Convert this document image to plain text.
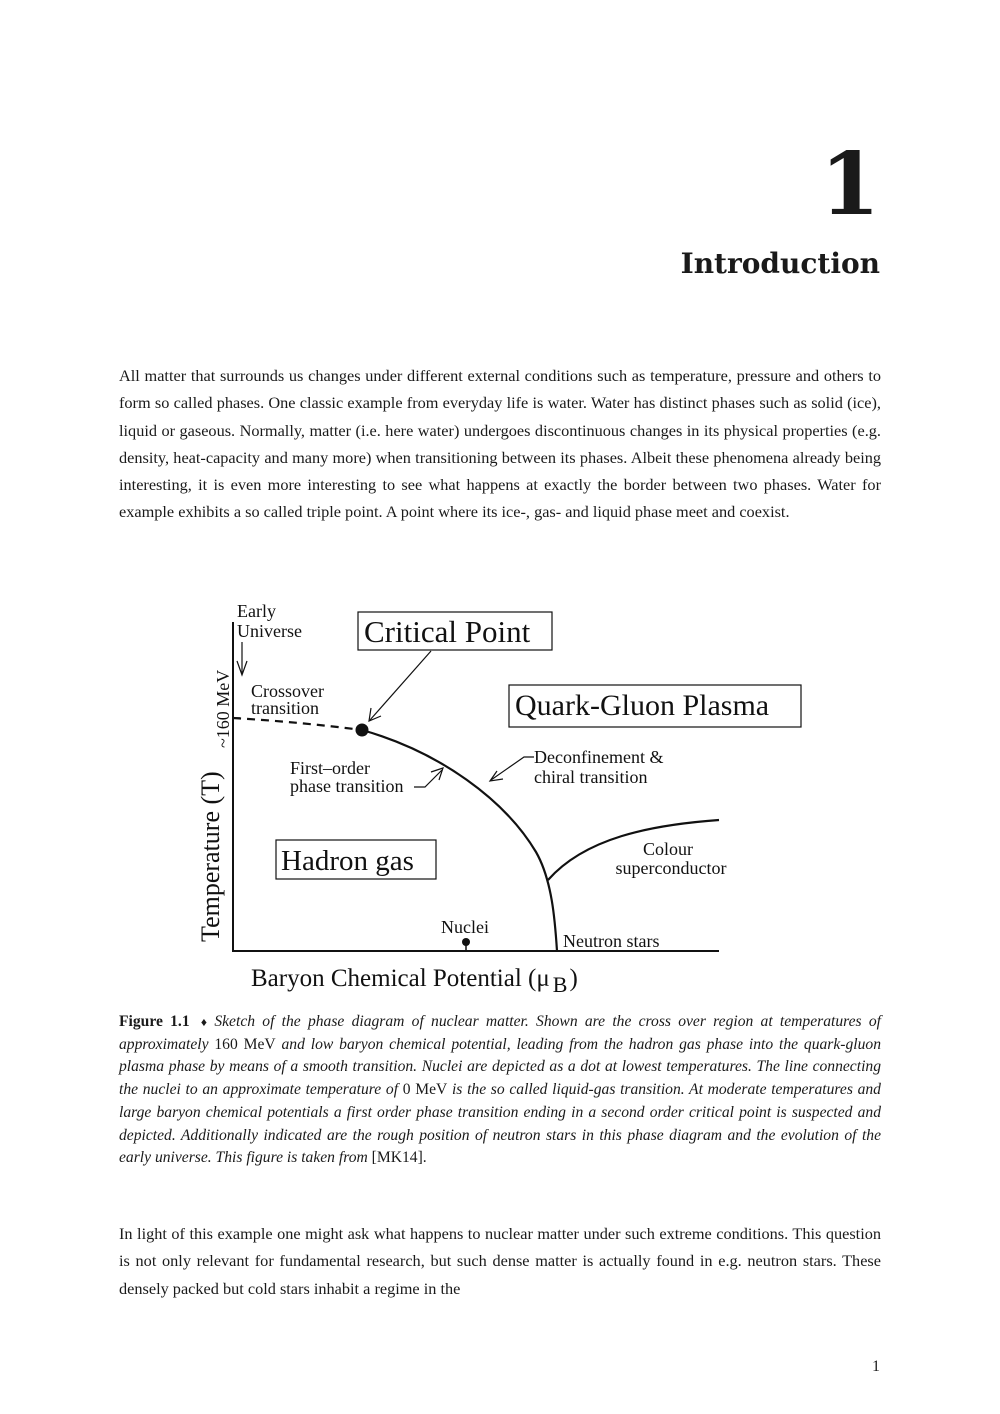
1
Introduction

All matter that surrounds us changes under different external conditions such as temperature, pressure and others to form so called phases. One classic example from everyday life is water. Water has distinct phases such as solid (ice), liquid or gaseous. Normally, matter (i.e. here water) undergoes discontinuous changes in its physical properties (e.g. density, heat-capacity and many more) when transitioning between its phases. Albeit these phenomena already being interesting, it is even more interesting to see what happens at exactly the border between two phases. Water for example exhibits a so called triple point. A point where its ice-, gas- and liquid phase meet and coexist.

~160 MeV
Temperature (T)
Baryon Chemical Potential (μ B)
Early
Universe
Crossover
transition
Critical Point
Quark-Gluon Plasma
First–order
phase transition
Deconfinement &
chiral transition
Hadron gas	Colour
superconductor
Nuclei
Neutron stars

Figure 1.1 ♦ Sketch of the phase diagram of nuclear matter. Shown are the cross over region at temperatures of approximately 160 MeV and low baryon chemical potential, leading from the hadron gas phase into the quark-gluon plasma phase by means of a smooth transition. Nuclei are depicted as a dot at lowest temperatures. The line connecting the nuclei to an approximate temperature of 0 MeV is the so called liquid-gas transition. At moderate temperatures and large baryon chemical potentials a first order phase transition ending in a second order critical point is suspected and depicted. Additionally indicated are the rough position of neutron stars in this phase diagram and the evolution of the early universe. This figure is taken from [MK14].

In light of this example one might ask what happens to nuclear matter under such extreme conditions. This question is not only relevant for fundamental research, but such dense matter is actually found in e.g. neutron stars. These densely packed but cold stars inhabit a regime in the

1
